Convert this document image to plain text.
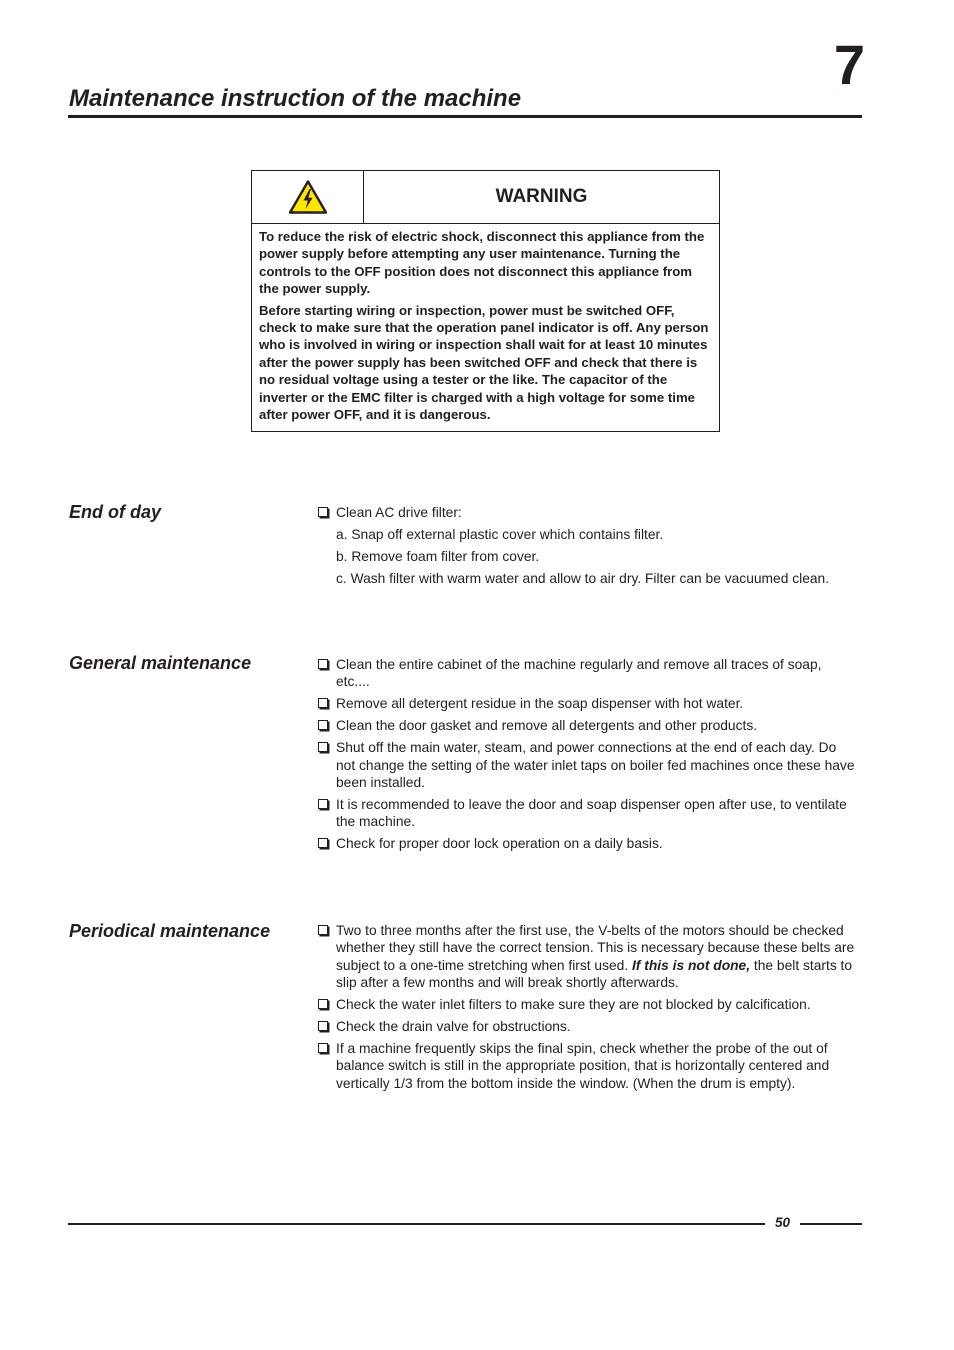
7
Maintenance instruction of the machine
WARNING

To reduce the risk of electric shock, disconnect this appliance from the power supply before attempting any user maintenance. Turning the controls to the OFF position does not disconnect this appliance from the power supply.

Before starting wiring or inspection, power must be switched OFF, check to make sure that the operation panel indicator is off. Any person who is involved in wiring or inspection shall wait for at least 10 minutes after the power supply has been switched OFF and check that there is no residual voltage using a tester or the like. The capacitor of the inverter or the EMC filter is charged with a high voltage for some time after power OFF, and it is dangerous.

End of day	Clean AC drive filter:
a. Snap off external plastic cover which contains filter.
b. Remove foam filter from cover.
c. Wash filter with warm water and allow to air dry. Filter can be vacuumed clean.
General maintenance	Clean the entire cabinet of the machine regularly and remove all traces of soap, etc....
Remove all detergent residue in the soap dispenser with hot water.
Clean the door gasket and remove all detergents and other products.
Shut off the main water, steam, and power connections at the end of each day. Do not change the setting of the water inlet taps on boiler fed machines once these have been installed.
It is recommended to leave the door and soap dispenser open after use, to ventilate the machine.
Check for proper door lock operation on a daily basis.
Periodical maintenance	Two to three months after the first use, the V-belts of the motors should be checked whether they still have the correct tension. This is necessary because these belts are subject to a one-time stretching when first used. If this is not done, the belt starts to slip after a few months and will break shortly afterwards.
Check the water inlet filters to make sure they are not blocked by calcification.
Check the drain valve for obstructions.
If a machine frequently skips the final spin, check whether the probe of the out of balance switch is still in the appropriate position, that is horizontally centered and vertically 1/3 from the bottom inside the window. (When the drum is empty).
50
